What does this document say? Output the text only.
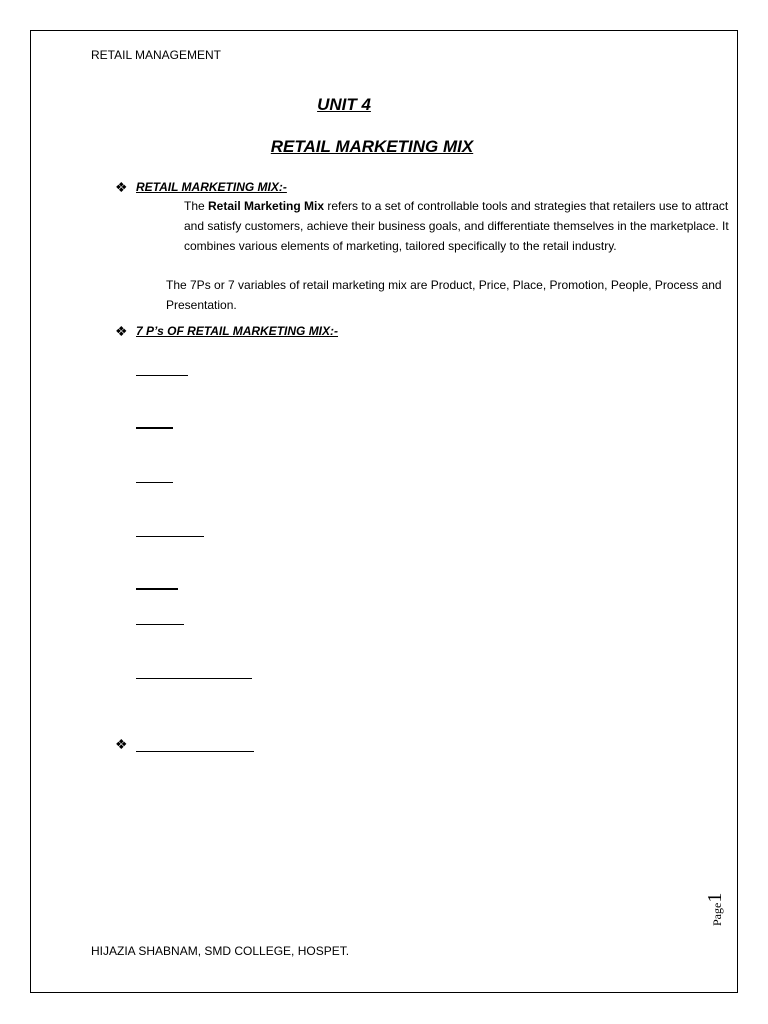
RETAIL MANAGEMENT
UNIT 4
RETAIL MARKETING MIX
❖ RETAIL MARKETING MIX:-

The Retail Marketing Mix refers to a set of controllable tools and strategies that retailers use to attract and satisfy customers, achieve their business goals, and differentiate themselves in the marketplace. It combines various elements of marketing, tailored specifically to the retail industry.

The 7Ps or 7 variables of retail marketing mix are Product, Price, Place, Promotion, People, Process and Presentation.

❖ 7 P’s OF RETAIL MARKETING MIX:-
❖
HIJAZIA SHABNAM, SMD COLLEGE, HOSPET.
Page1
